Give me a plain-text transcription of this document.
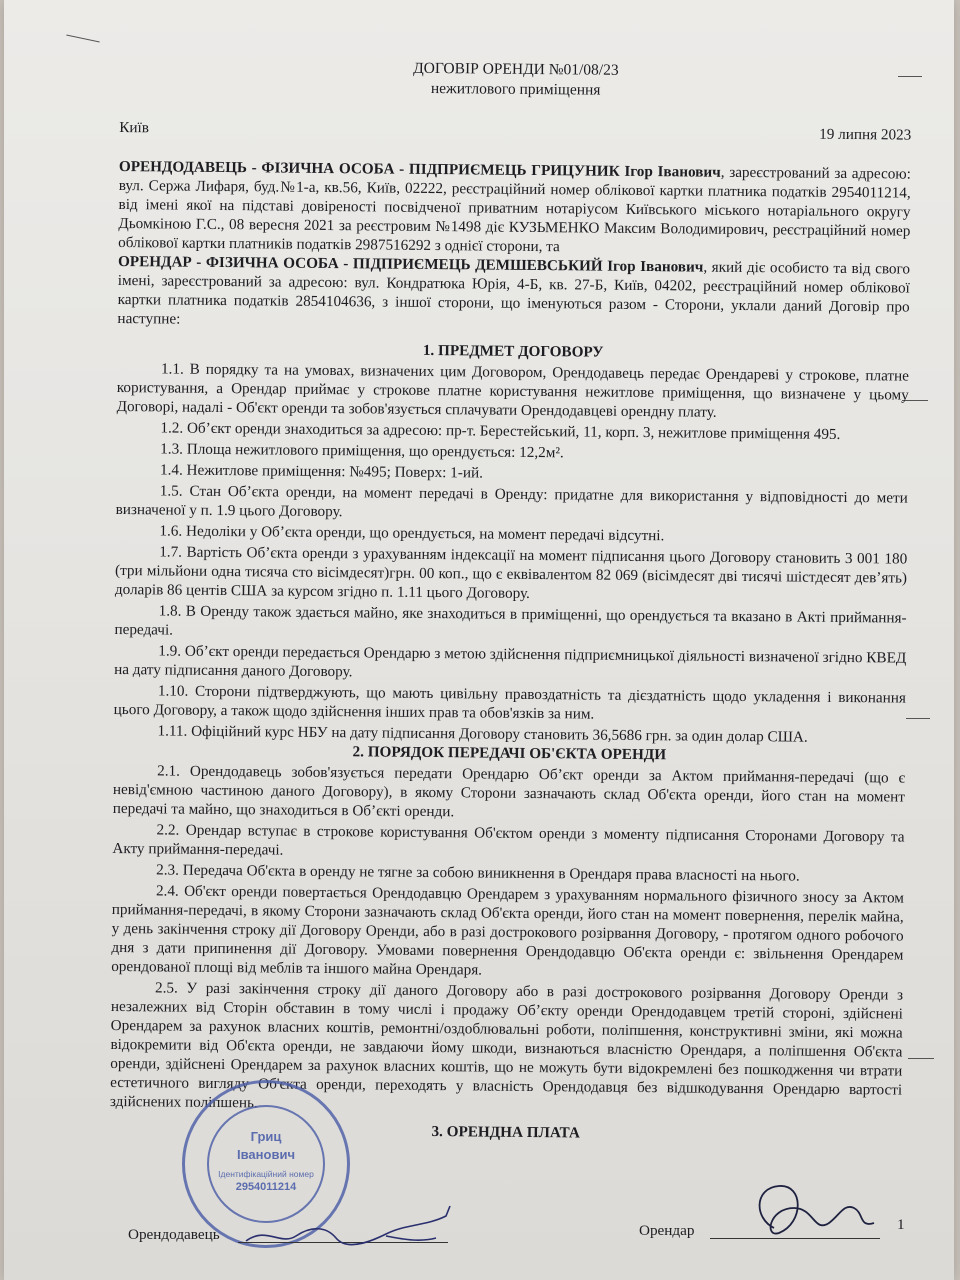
ДОГОВІР ОРЕНДИ №01/08/23
нежитлового приміщення
Київ	19 липня 2023

ОРЕНДОДАВЕЦЬ - ФІЗИЧНА ОСОБА - ПІДПРИЄМЕЦЬ ГРИЦУНИК Ігор Іванович, зареєстрований за адресою: вул. Сержа Лифаря, буд.№1-а, кв.56, Київ, 02222, реєстраційний номер облікової картки платника податків 2954011214, від імені якої на підставі довіреності посвідченої приватним нотаріусом Київського міського нотаріального округу Дьомкіною Г.С., 08 вересня 2021 за реєстровим №1498 діє КУЗЬМЕНКО Максим Володимирович, реєстраційний номер облікової картки платників податків 2987516292 з однієї сторони, та

ОРЕНДАР - ФІЗИЧНА ОСОБА - ПІДПРИЄМЕЦЬ ДЕМШЕВСЬКИЙ Ігор Іванович, який діє особисто та від свого імені, зареєстрований за адресою: вул. Кондратюка Юрія, 4-Б, кв. 27-Б, Київ, 04202, реєстраційний номер облікової картки платника податків 2854104636, з іншої сторони, що іменуються разом - Сторони, уклали даний Договір про наступне:

1. ПРЕДМЕТ ДОГОВОРУ

1.1. В порядку та на умовах, визначених цим Договором, Орендодавець передає Орендареві у строкове, платне користування, а Орендар приймає у строкове платне користування нежитлове приміщення, що визначене у цьому Договорі, надалі - Об'єкт оренди та зобов'язується сплачувати Орендодавцеві орендну плату.

1.2. Об’єкт оренди знаходиться за адресою: пр-т. Берестейський, 11, корп. 3, нежитлове приміщення 495.

1.3. Площа нежитлового приміщення, що орендується: 12,2м².

1.4. Нежитлове приміщення: №495; Поверх: 1-ий.

1.5. Стан Об’єкта оренди, на момент передачі в Оренду: придатне для використання у відповідності до мети визначеної у п. 1.9 цього Договору.

1.6. Недоліки у Об’єкта оренди, що орендується, на момент передачі відсутні.

1.7. Вартість Об’єкта оренди з урахуванням індексації на момент підписання цього Договору становить 3 001 180 (три мільйони одна тисяча сто вісімдесят)грн. 00 коп., що є еквівалентом 82 069 (вісімдесят дві тисячі шістдесят дев’ять) доларів 86 центів США за курсом згідно п. 1.11 цього Договору.

1.8. В Оренду також здається майно, яке знаходиться в приміщенні, що орендується та вказано в Акті приймання-передачі.

1.9. Об’єкт оренди передається Орендарю з метою здійснення підприємницької діяльності визначеної згідно КВЕД на дату підписання даного Договору.

1.10. Сторони підтверджують, що мають цивільну правоздатність та дієздатність щодо укладення і виконання цього Договору, а також щодо здійснення інших прав та обов'язків за ним.

1.11. Офіційний курс НБУ на дату підписання Договору становить 36,5686 грн. за один долар США.

2. ПОРЯДОК ПЕРЕДАЧІ ОБ'ЄКТА ОРЕНДИ

2.1. Орендодавець зобов'язується передати Орендарю Об’єкт оренди за Актом приймання-передачі (що є невід'ємною частиною даного Договору), в якому Сторони зазначають склад Об'єкта оренди, його стан на момент передачі та майно, що знаходиться в Об’єкті оренди.

2.2. Орендар вступає в строкове користування Об'єктом оренди з моменту підписання Сторонами Договору та Акту приймання-передачі.

2.3. Передача Об'єкта в оренду не тягне за собою виникнення в Орендаря права власності на нього.

2.4. Об'єкт оренди повертається Орендодавцю Орендарем з урахуванням нормального фізичного зносу за Актом приймання-передачі, в якому Сторони зазначають склад Об'єкта оренди, його стан на момент повернення, перелік майна, у день закінчення строку дії Договору Оренди, або в разі дострокового розірвання Договору, - протягом одного робочого дня з дати припинення дії Договору. Умовами повернення Орендодавцю Об'єкта оренди є: звільнення Орендарем орендованої площі від меблів та іншого майна Орендаря.

2.5. У разі закінчення строку дії даного Договору або в разі дострокового розірвання Договору Оренди з незалежних від Сторін обставин в тому числі і продажу Об’єкту оренди Орендодавцем третій стороні, здійснені Орендарем за рахунок власних коштів, ремонтні/оздоблювальні роботи, поліпшення, конструктивні зміни, які можна відокремити від Об'єкта оренди, не завдаючи йому шкоди, визнаються власністю Орендаря, а поліпшення Об'єкта оренди, здійснені Орендарем за рахунок власних коштів, що не можуть бути відокремлені без пошкодження чи втрати естетичного вигляду Об'єкта оренди, переходять у власність Орендодавця без відшкодування Орендарю вартості здійснених поліпшень.

3. ОРЕНДНА ПЛАТА
Гриц
Іванович
Ідентифікаційний номер
2954011214
Орендодавець	Орендар	1
